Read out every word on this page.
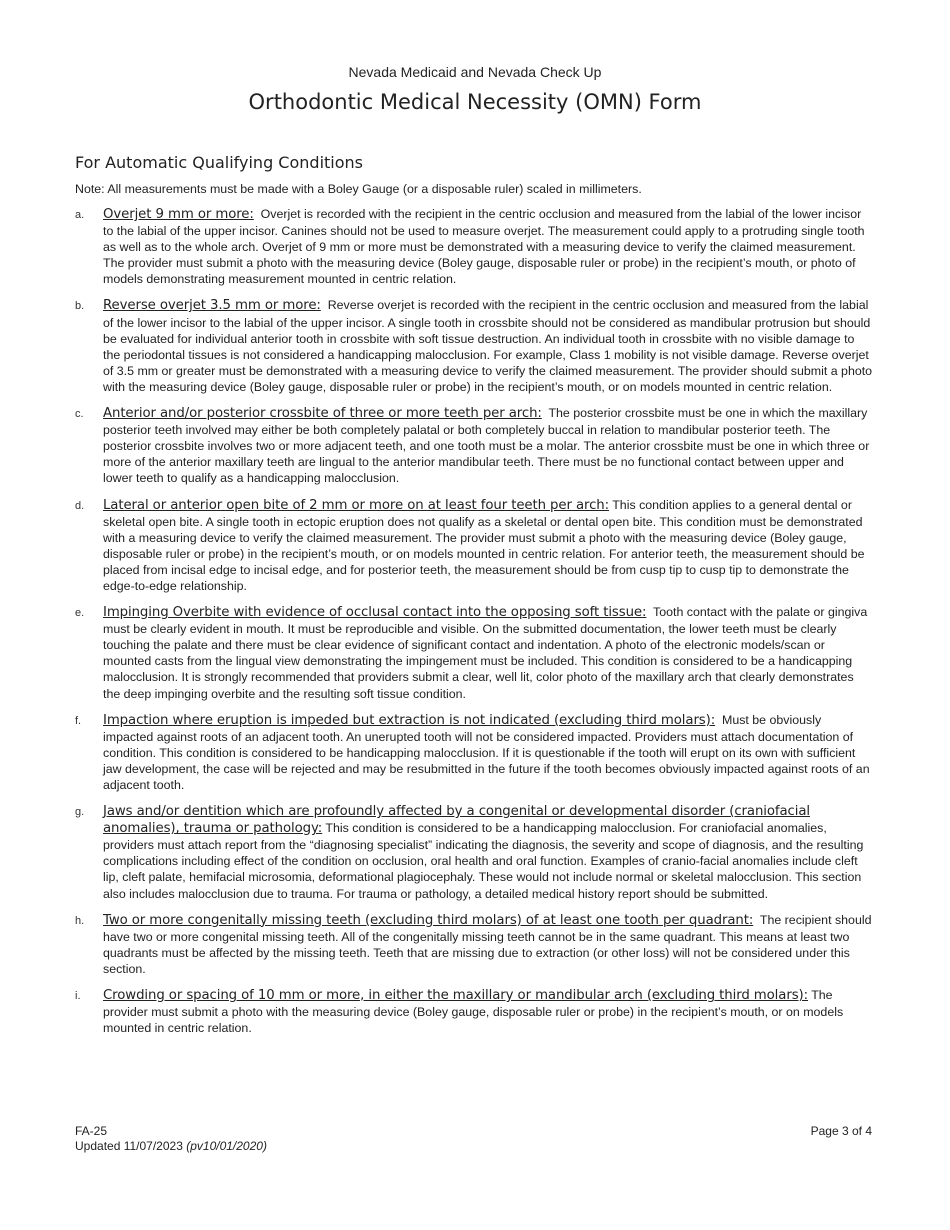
Nevada Medicaid and Nevada Check Up
Orthodontic Medical Necessity (OMN) Form
For Automatic Qualifying Conditions
Note: All measurements must be made with a Boley Gauge (or a disposable ruler) scaled in millimeters.
a. Overjet 9 mm or more: Overjet is recorded with the recipient in the centric occlusion and measured from the labial of the lower incisor to the labial of the upper incisor. Canines should not be used to measure overjet. The measurement could apply to a protruding single tooth as well as to the whole arch. Overjet of 9 mm or more must be demonstrated with a measuring device to verify the claimed measurement. The provider must submit a photo with the measuring device (Boley gauge, disposable ruler or probe) in the recipient’s mouth, or photo of models demonstrating measurement mounted in centric relation.
b. Reverse overjet 3.5 mm or more: Reverse overjet is recorded with the recipient in the centric occlusion and measured from the labial of the lower incisor to the labial of the upper incisor. A single tooth in crossbite should not be considered as mandibular protrusion but should be evaluated for individual anterior tooth in crossbite with soft tissue destruction. An individual tooth in crossbite with no visible damage to the periodontal tissues is not considered a handicapping malocclusion. For example, Class 1 mobility is not visible damage. Reverse overjet of 3.5 mm or greater must be demonstrated with a measuring device to verify the claimed measurement. The provider should submit a photo with the measuring device (Boley gauge, disposable ruler or probe) in the recipient’s mouth, or on models mounted in centric relation.
c. Anterior and/or posterior crossbite of three or more teeth per arch: The posterior crossbite must be one in which the maxillary posterior teeth involved may either be both completely palatal or both completely buccal in relation to mandibular posterior teeth. The posterior crossbite involves two or more adjacent teeth, and one tooth must be a molar. The anterior crossbite must be one in which three or more of the anterior maxillary teeth are lingual to the anterior mandibular teeth. There must be no functional contact between upper and lower teeth to qualify as a handicapping malocclusion.
d. Lateral or anterior open bite of 2 mm or more on at least four teeth per arch: This condition applies to a general dental or skeletal open bite. A single tooth in ectopic eruption does not qualify as a skeletal or dental open bite. This condition must be demonstrated with a measuring device to verify the claimed measurement. The provider must submit a photo with the measuring device (Boley gauge, disposable ruler or probe) in the recipient’s mouth, or on models mounted in centric relation. For anterior teeth, the measurement should be placed from incisal edge to incisal edge, and for posterior teeth, the measurement should be from cusp tip to cusp tip to demonstrate the edge-to-edge relationship.
e. Impinging Overbite with evidence of occlusal contact into the opposing soft tissue: Tooth contact with the palate or gingiva must be clearly evident in mouth. It must be reproducible and visible. On the submitted documentation, the lower teeth must be clearly touching the palate and there must be clear evidence of significant contact and indentation. A photo of the electronic models/scan or mounted casts from the lingual view demonstrating the impingement must be included. This condition is considered to be a handicapping malocclusion. It is strongly recommended that providers submit a clear, well lit, color photo of the maxillary arch that clearly demonstrates the deep impinging overbite and the resulting soft tissue condition.
f. Impaction where eruption is impeded but extraction is not indicated (excluding third molars): Must be obviously impacted against roots of an adjacent tooth. An unerupted tooth will not be considered impacted. Providers must attach documentation of condition. This condition is considered to be handicapping malocclusion. If it is questionable if the tooth will erupt on its own with sufficient jaw development, the case will be rejected and may be resubmitted in the future if the tooth becomes obviously impacted against roots of an adjacent tooth.
g. Jaws and/or dentition which are profoundly affected by a congenital or developmental disorder (craniofacial anomalies), trauma or pathology: This condition is considered to be a handicapping malocclusion. For craniofacial anomalies, providers must attach report from the “diagnosing specialist” indicating the diagnosis, the severity and scope of diagnosis, and the resulting complications including effect of the condition on occlusion, oral health and oral function. Examples of cranio-facial anomalies include cleft lip, cleft palate, hemifacial microsomia, deformational plagiocephaly. These would not include normal or skeletal malocclusion. This section also includes malocclusion due to trauma. For trauma or pathology, a detailed medical history report should be submitted.
h. Two or more congenitally missing teeth (excluding third molars) of at least one tooth per quadrant: The recipient should have two or more congenital missing teeth. All of the congenitally missing teeth cannot be in the same quadrant. This means at least two quadrants must be affected by the missing teeth. Teeth that are missing due to extraction (or other loss) will not be considered under this section.
i. Crowding or spacing of 10 mm or more, in either the maxillary or mandibular arch (excluding third molars): The provider must submit a photo with the measuring device (Boley gauge, disposable ruler or probe) in the recipient’s mouth, or on models mounted in centric relation.
FA-25
Updated 11/07/2023 (pv10/01/2020)
Page 3 of 4
